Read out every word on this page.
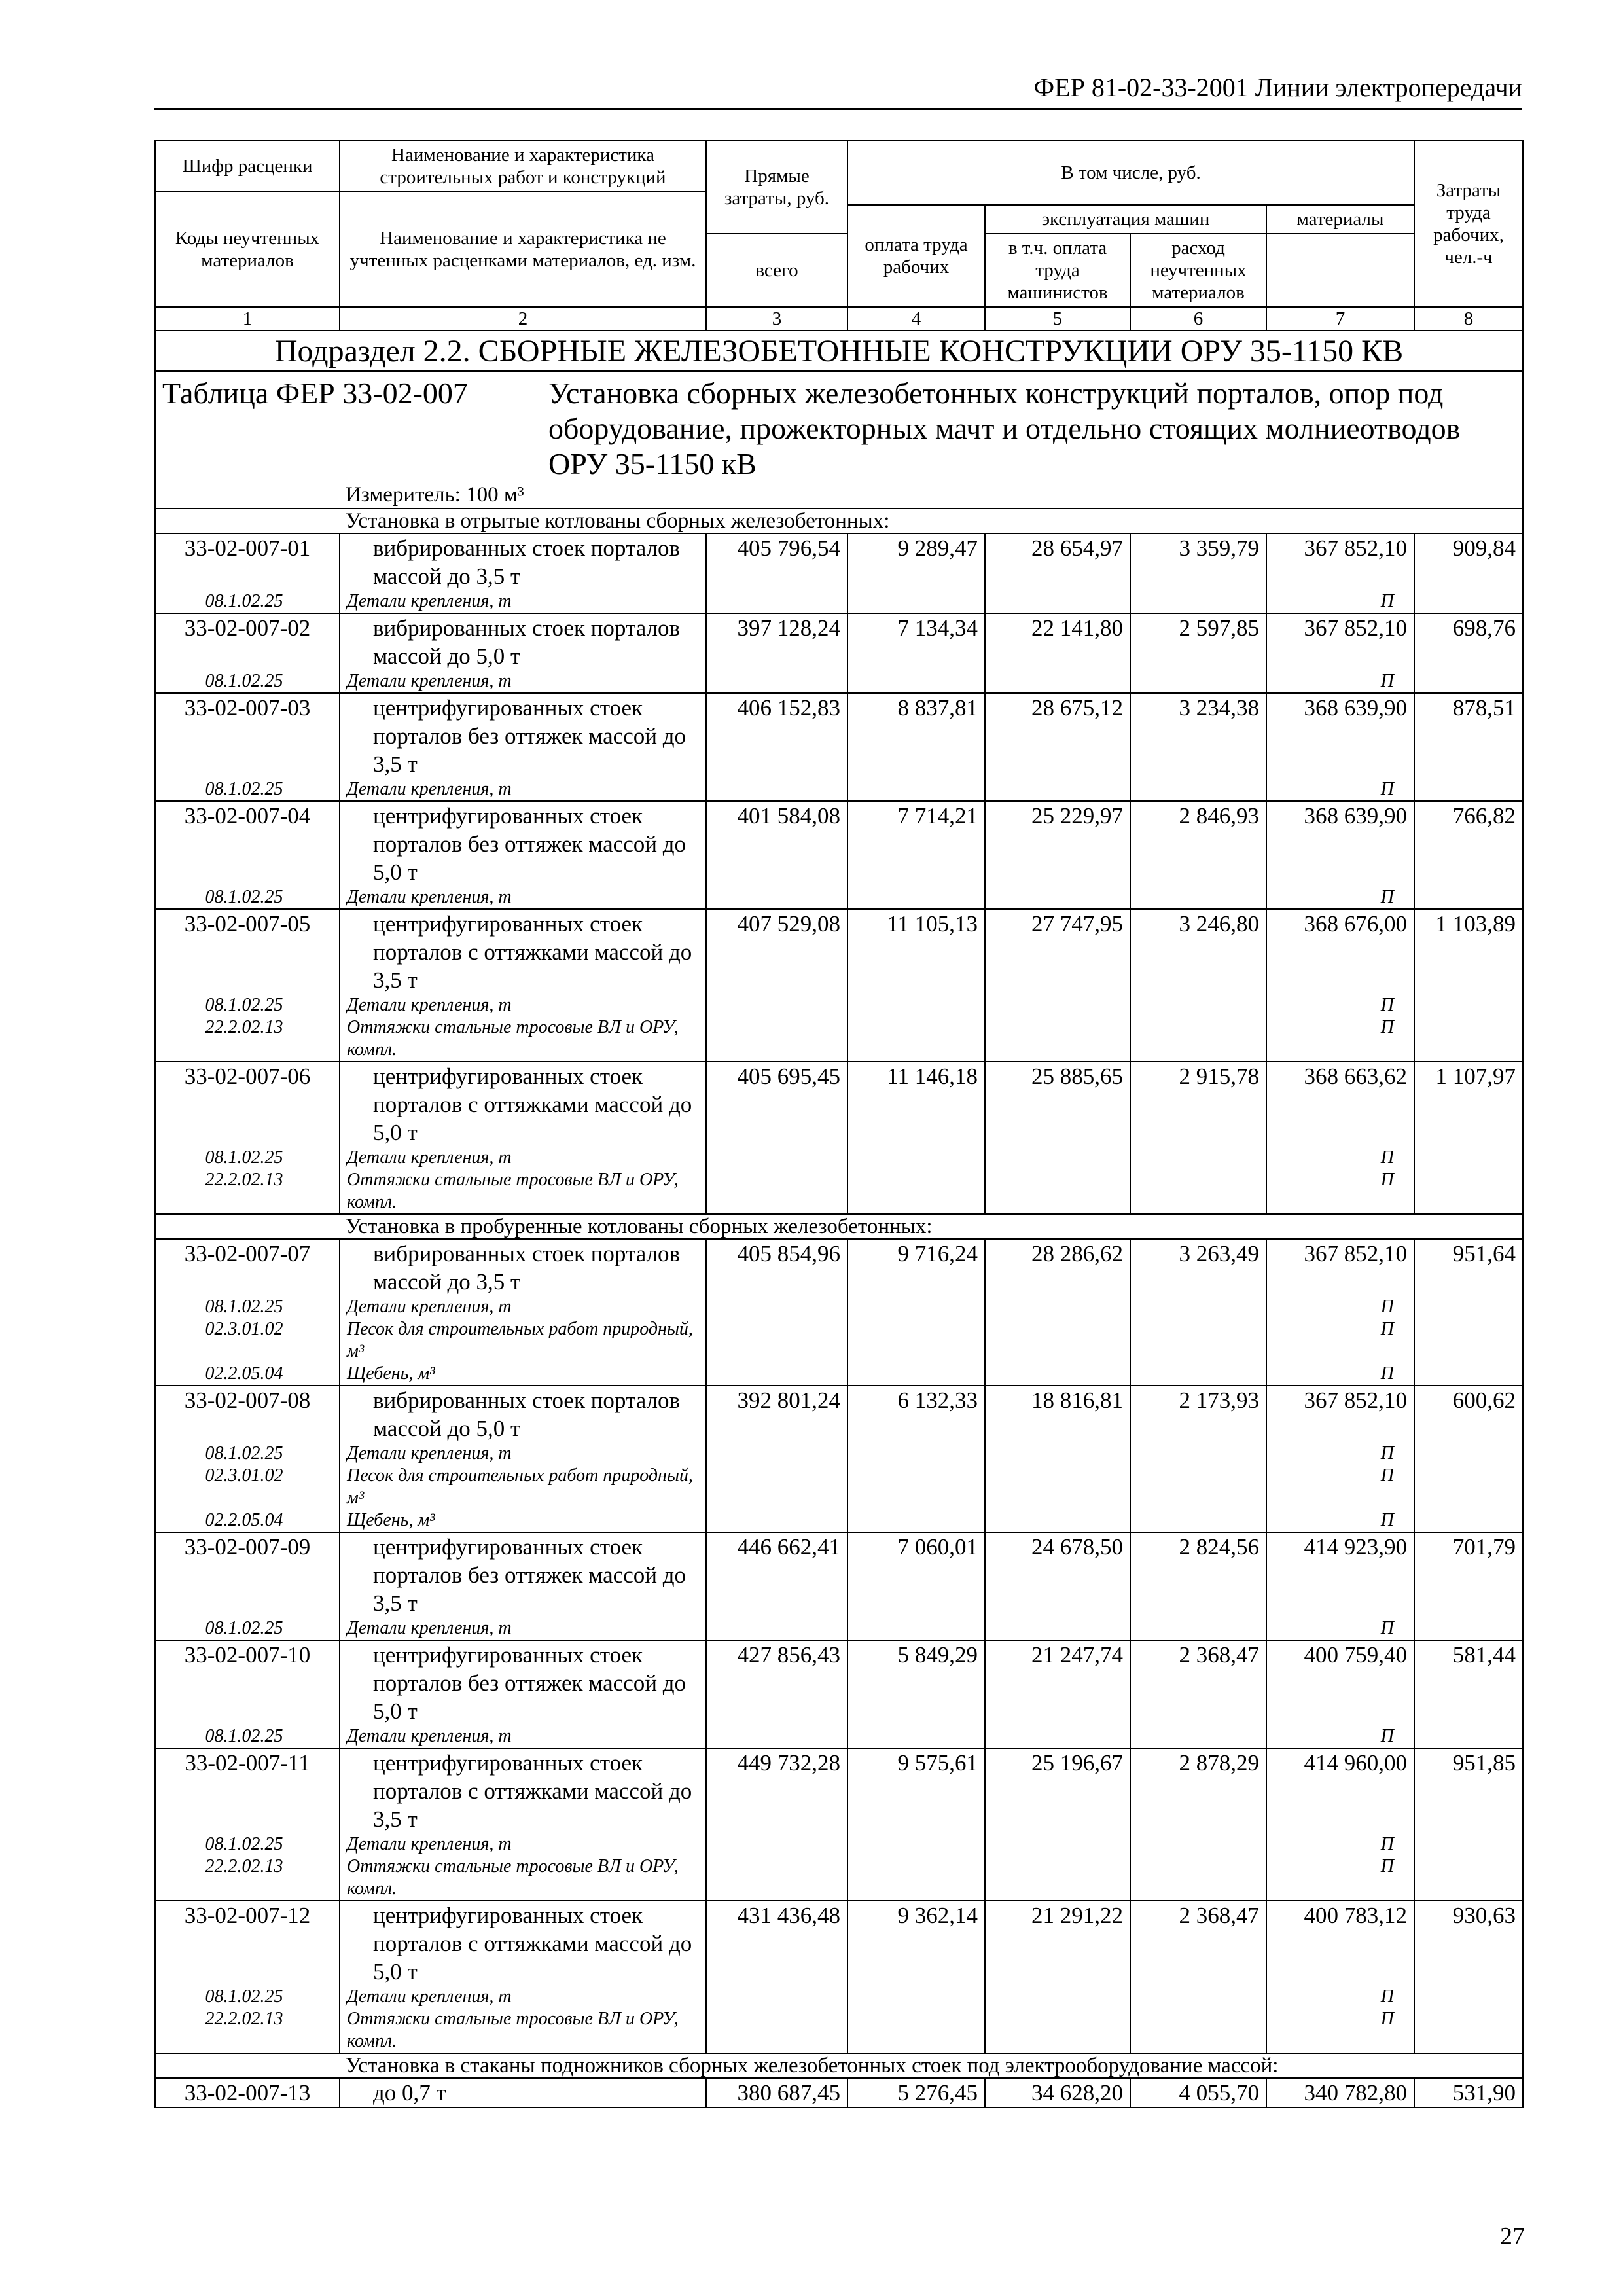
ФЕР 81-02-33-2001 Линии электропередачи
Шифр расценки	Наименование и характеристика строительных работ и конструкций	Прямые затраты, руб.	В том числе, руб.				Затраты труда рабочих, чел.-ч
Коды неучтенных материалов	Наименование и характеристика не учтенных расценками материалов, ед. изм.						
			оплата труда рабочих	эксплуатация машин		материалы	
		всего		в т.ч. оплата труда машинистов	расход неучтенных материалов		
1	2	3	4	5	6	7	8
Подраздел 2.2. СБОРНЫЕ ЖЕЛЕЗОБЕТОННЫЕ КОНСТРУКЦИИ ОРУ 35-1150 КВ							

Таблица ФЕР 33-02-007 Установка сборных железобетонных конструкций порталов, опор под оборудование, прожекторных мачт и отдельно стоящих молниеотводов ОРУ 35-1150 кВ							

Измеритель: 100 м³							
Установка в отрытые котлованы сборных железобетонных:							
33-02-007-01	вибрированных стоек порталов массой до 3,5 т	405 796,54	9 289,47	28 654,97	3 359,79	367 852,10	909,84
08.1.02.25	Детали крепления, т					П	
33-02-007-02	вибрированных стоек порталов массой до 5,0 т	397 128,24	7 134,34	22 141,80	2 597,85	367 852,10	698,76
08.1.02.25	Детали крепления, т					П	
33-02-007-03	центрифугированных стоек порталов без оттяжек массой до 3,5 т	406 152,83	8 837,81	28 675,12	3 234,38	368 639,90	878,51
08.1.02.25	Детали крепления, т					П	
33-02-007-04	центрифугированных стоек порталов без оттяжек массой до 5,0 т	401 584,08	7 714,21	25 229,97	2 846,93	368 639,90	766,82
08.1.02.25	Детали крепления, т					П	
33-02-007-05	центрифугированных стоек порталов с оттяжками массой до 3,5 т	407 529,08	11 105,13	27 747,95	3 246,80	368 676,00	1 103,89
08.1.02.25	Детали крепления, т					П	
22.2.02.13	Оттяжки стальные тросовые ВЛ и ОРУ, компл.					П	
33-02-007-06	центрифугированных стоек порталов с оттяжками массой до 5,0 т	405 695,45	11 146,18	25 885,65	2 915,78	368 663,62	1 107,97
08.1.02.25	Детали крепления, т					П	
22.2.02.13	Оттяжки стальные тросовые ВЛ и ОРУ, компл.					П	
Установка в пробуренные котлованы сборных железобетонных:							
33-02-007-07	вибрированных стоек порталов массой до 3,5 т	405 854,96	9 716,24	28 286,62	3 263,49	367 852,10	951,64
08.1.02.25	Детали крепления, т					П	
02.3.01.02	Песок для строительных работ природный, м³					П	
02.2.05.04	Щебень, м³					П	
33-02-007-08	вибрированных стоек порталов массой до 5,0 т	392 801,24	6 132,33	18 816,81	2 173,93	367 852,10	600,62
08.1.02.25	Детали крепления, т					П	
02.3.01.02	Песок для строительных работ природный, м³					П	
02.2.05.04	Щебень, м³					П	
33-02-007-09	центрифугированных стоек порталов без оттяжек массой до 3,5 т	446 662,41	7 060,01	24 678,50	2 824,56	414 923,90	701,79
08.1.02.25	Детали крепления, т					П	
33-02-007-10	центрифугированных стоек порталов без оттяжек массой до 5,0 т	427 856,43	5 849,29	21 247,74	2 368,47	400 759,40	581,44
08.1.02.25	Детали крепления, т					П	
33-02-007-11	центрифугированных стоек порталов с оттяжками массой до 3,5 т	449 732,28	9 575,61	25 196,67	2 878,29	414 960,00	951,85
08.1.02.25	Детали крепления, т					П	
22.2.02.13	Оттяжки стальные тросовые ВЛ и ОРУ, компл.					П	
33-02-007-12	центрифугированных стоек порталов с оттяжками массой до 5,0 т	431 436,48	9 362,14	21 291,22	2 368,47	400 783,12	930,63
08.1.02.25	Детали крепления, т					П	
22.2.02.13	Оттяжки стальные тросовые ВЛ и ОРУ, компл.					П	
Установка в стаканы подножников сборных железобетонных стоек под электрооборудование массой:							
33-02-007-13	до 0,7 т	380 687,45	5 276,45	34 628,20	4 055,70	340 782,80	531,90
27
